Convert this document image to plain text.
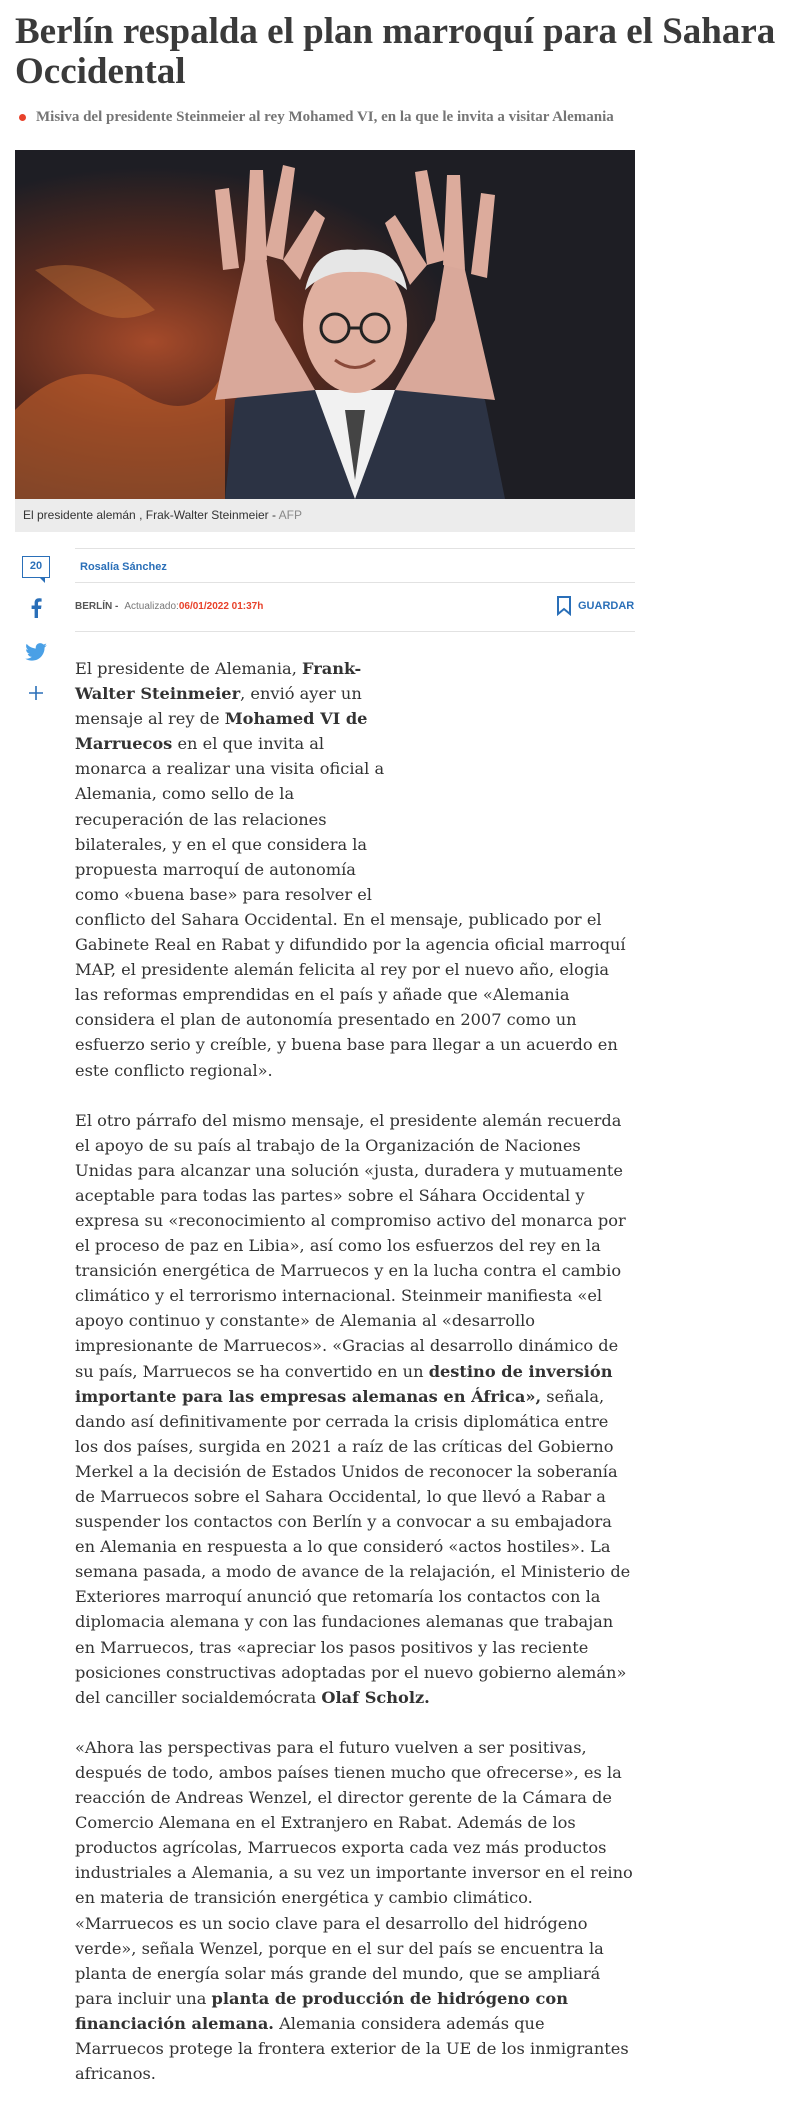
Berlín respalda el plan marroquí para el Sahara Occidental
Misiva del presidente Steinmeier al rey Mohamed VI, en la que le invita a visitar Alemania
El presidente alemán , Frak-Walter Steinmeier - AFP
20	Rosalía Sánchez
BERLÍN - Actualizado: 06/01/2022 01:37h	GUARDAR

El presidente de Alemania, Frank-Walter Steinmeier, envió ayer un mensaje al rey de Mohamed VI de Marruecos en el que invita al monarca a realizar una visita oficial a Alemania, como sello de la recuperación de las relaciones bilaterales, y en el que considera la propuesta marroquí de autonomía como «buena base» para resolver el conflicto del Sahara Occidental. En el mensaje, publicado por el Gabinete Real en Rabat y difundido por la agencia oficial marroquí MAP, el presidente alemán felicita al rey por el nuevo año, elogia las reformas emprendidas en el país y añade que «Alemania considera el plan de autonomía presentado en 2007 como un esfuerzo serio y creíble, y buena base para llegar a un acuerdo en este conflicto regional».

El otro párrafo del mismo mensaje, el presidente alemán recuerda el apoyo de su país al trabajo de la Organización de Naciones Unidas para alcanzar una solución «justa, duradera y mutuamente aceptable para todas las partes» sobre el Sáhara Occidental y expresa su «reconocimiento al compromiso activo del monarca por el proceso de paz en Libia», así como los esfuerzos del rey en la transición energética de Marruecos y en la lucha contra el cambio climático y el terrorismo internacional. Steinmeir manifiesta «el apoyo continuo y constante» de Alemania al «desarrollo impresionante de Marruecos». «Gracias al desarrollo dinámico de su país, Marruecos se ha convertido en un destino de inversión importante para las empresas alemanas en África», señala, dando así definitivamente por cerrada la crisis diplomática entre los dos países, surgida en 2021 a raíz de las críticas del Gobierno Merkel a la decisión de Estados Unidos de reconocer la soberanía de Marruecos sobre el Sahara Occidental, lo que llevó a Rabar a suspender los contactos con Berlín y a convocar a su embajadora en Alemania en respuesta a lo que consideró «actos hostiles». La semana pasada, a modo de avance de la relajación, el Ministerio de Exteriores marroquí anunció que retomaría los contactos con la diplomacia alemana y con las fundaciones alemanas que trabajan en Marruecos, tras «apreciar los pasos positivos y las reciente posiciones constructivas adoptadas por el nuevo gobierno alemán» del canciller socialdemócrata Olaf Scholz.

«Ahora las perspectivas para el futuro vuelven a ser positivas, después de todo, ambos países tienen mucho que ofrecerse», es la reacción de Andreas Wenzel, el director gerente de la Cámara de Comercio Alemana en el Extranjero en Rabat. Además de los productos agrícolas, Marruecos exporta cada vez más productos industriales a Alemania, a su vez un importante inversor en el reino en materia de transición energética y cambio climático. «Marruecos es un socio clave para el desarrollo del hidrógeno verde», señala Wenzel, porque en el sur del país se encuentra la planta de energía solar más grande del mundo, que se ampliará para incluir una planta de producción de hidrógeno con financiación alemana. Alemania considera además que Marruecos protege la frontera exterior de la UE de los inmigrantes africanos.
